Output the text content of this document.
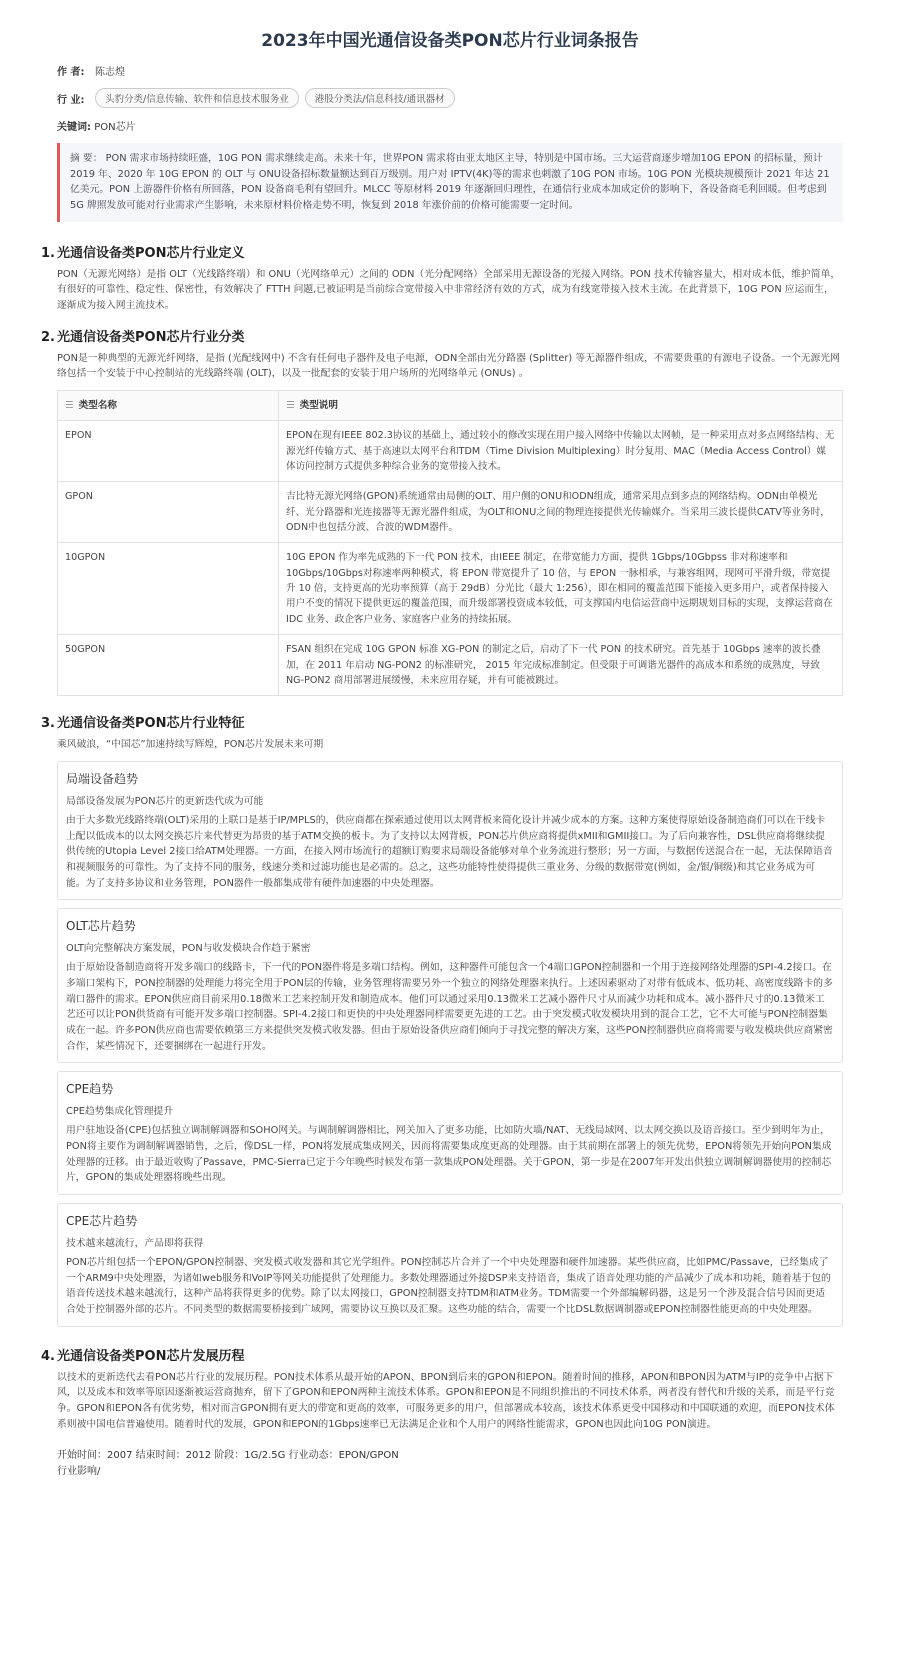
2023年中国光通信设备类PON芯片行业词条报告
作 者:	陈志煌
行 业:	头豹分类/信息传输、软件和信息技术服务业	港股分类法/信息科技/通讯器材
关键词: PON芯片
摘 要： PON 需求市场持续旺盛，10G PON 需求继续走高。未来十年，世界PON 需求将由亚太地区主导，特别是中国市场。三大运营商逐步增加10G EPON 的招标量，预计 2019 年、2020 年 10G EPON 的 OLT 与 ONU设备招标数量额达到百万级别。用户对 IPTV(4K)等的需求也刺激了10G PON 市场。10G PON 光模块规模预计 2021 年达 21 亿美元。PON 上游器件价格有所回落，PON 设备商毛利有望回升。MLCC 等原材料 2019 年逐渐回归理性，在通信行业成本加成定价的影响下，各设备商毛利回暖。但考虑到 5G 牌照发放可能对行业需求产生影响，未来原材料价格走势不明，恢复到 2018 年涨价前的价格可能需要一定时间。
1. 光通信设备类PON芯片行业定义

PON（无源光网络）是指 OLT（光线路终端）和 ONU（光网络单元）之间的 ODN（光分配网络）全部采用无源设备的光接入网络。PON 技术传输容量大，相对成本低，维护简单，有很好的可靠性、稳定性、保密性，有效解决了 FTTH 问题,已被证明是当前综合宽带接入中非常经济有效的方式，成为有线宽带接入技术主流。在此背景下，10G PON 应运而生，逐渐成为接入网主流技术。

2. 光通信设备类PON芯片行业分类

PON是一种典型的无源光纤网络，是指 (光配线网中) 不含有任何电子器件及电子电源，ODN全部由光分路器 (Splitter) 等无源器件组成，不需要贵重的有源电子设备。一个无源光网络包括一个安装于中心控制站的光线路终端 (OLT)，以及一批配套的安装于用户场所的光网络单元 (ONUs) 。

☰ 类型名称	☰ 类型说明
EPON	EPON在现有IEEE 802.3协议的基础上，通过较小的修改实现在用户接入网络中传输以太网帧，是一种采用点对多点网络结构、无源光纤传输方式、基于高速以太网平台和TDM（Time Division Multiplexing）时分复用、MAC（Media Access Control）媒体访问控制方式提供多种综合业务的宽带接入技术。
GPON	吉比特无源光网络(GPON)系统通常由局侧的OLT、用户侧的ONU和ODN组成，通常采用点到多点的网络结构。ODN由单模光纤、光分路器和光连接器等无源光器件组成，为OLT和ONU之间的物理连接提供光传输媒介。当采用三波长提供CATV等业务时，ODN中也包括分波、合波的WDM器件。
10GPON	10G EPON 作为率先成熟的下一代 PON 技术，由IEEE 制定，在带宽能力方面，提供 1Gbps/10Gbpss 非对称速率和 10Gbps/10Gbps对称速率两种模式，将 EPON 带宽提升了 10 倍，与 EPON 一脉相承，与兼容组网，现网可平滑升级，带宽提升 10 倍，支持更高的光功率预算（高于 29dB）分光比（最大 1:256），即在相同的覆盖范围下能接入更多用户，或者保持接入用户不变的情况下提供更远的覆盖范围，而升级部署投资成本较低，可支撑国内电信运营商中远期规划目标的实现，支撑运营商在 IDC 业务、政企客户业务、家庭客户业务的持续拓展。
50GPON	FSAN 组织在完成 10G GPON 标准 XG-PON 的制定之后，启动了下一代 PON 的技术研究。首先基于 10Gbps 速率的波长叠加，在 2011 年启动 NG-PON2 的标准研究， 2015 年完成标准制定。但受限于可调谐光器件的高成本和系统的成熟度，导致 NG-PON2 商用部署进展缓慢，未来应用存疑，并有可能被跳过。
3. 光通信设备类PON芯片行业特征

乘风破浪，“中国芯”加速持续写辉煌，PON芯片发展未来可期

局端设备趋势
局部设备发展为PON芯片的更新迭代成为可能

由于大多数光线路终端(OLT)采用的上联口是基于IP/MPLS的，供应商都在探索通过使用以太网背板来简化设计并减少成本的方案。这种方案使得原始设备制造商们可以在干线卡上配以低成本的以太网交换芯片来代替更为昂贵的基于ATM交换的板卡。为了支持以太网背板，PON芯片供应商将提供xMII和GMII接口。为了后向兼容性，DSL供应商将继续提供传统的Utopia Level 2接口给ATM处理器。一方面，在接入网市场流行的超额订购要求局端设备能够对单个业务流进行整形；另一方面，与数据传送混合在一起，无法保障语音和视频服务的可靠性。为了支持不同的服务，线速分类和过滤功能也是必需的。总之，这些功能特性使得提供三重业务、分级的数据带宽(例如，金/银/铜级)和其它业务成为可能。为了支持多协议和业务管理，PON器件一般都集成带有硬件加速器的中央处理器。

OLT芯片趋势
OLT向完整解决方案发展，PON与收发模块合作趋于紧密

由于原始设备制造商将开发多端口的线路卡，下一代的PON器件将是多端口结构。例如，这种器件可能包含一个4端口GPON控制器和一个用于连接网络处理器的SPI-4.2接口。在多端口架构下，PON控制器的处理能力将完全用于PON层的传输，业务管理将需要另外一个独立的网络处理器来执行。上述因素驱动了对带有低成本、低功耗、高密度线路卡的多端口器件的需求。EPON供应商目前采用0.18微米工艺来控制开发和制造成本。他们可以通过采用0.13微米工艺减小器件尺寸从而减少功耗和成本。减小器件尺寸的0.13微米工艺还可以让PON供货商有可能开发多端口控制器。SPI-4.2接口和更快的中央处理器同样需要更先进的工艺。由于突发模式收发模块用到的混合工艺，它不大可能与PON控制器集成在一起。许多PON供应商也需要依赖第三方来提供突发模式收发器。但由于原始设备供应商们倾向于寻找完整的解决方案，这些PON控制器供应商将需要与收发模块供应商紧密合作，某些情况下，还要捆绑在一起进行开发。

CPE趋势
CPE趋势集成化管理提升

用户驻地设备(CPE)包括独立调制解调器和SOHO网关。与调制解调器相比，网关加入了更多功能，比如防火墙/NAT、无线局域网、以太网交换以及语音接口。至少到明年为止，PON将主要作为调制解调器销售，之后，像DSL一样，PON将发展成集成网关，因而将需要集成度更高的处理器。由于其前期在部署上的领先优势，EPON将领先开始向PON集成处理器的迁移。由于最近收购了Passave，PMC-Sierra已定于今年晚些时候发布第一款集成PON处理器。关于GPON，第一步是在2007年开发出供独立调制解调器使用的控制芯片，GPON的集成处理器将晚些出现。

CPE芯片趋势
技术越来越流行，产品即将获得

PON芯片组包括一个EPON/GPON控制器、突发模式收发器和其它光学组件。PON控制芯片合并了一个中央处理器和硬件加速器。某些供应商，比如PMC/Passave，已经集成了一个ARM9中央处理器，为诸如web服务和VoIP等网关功能提供了处理能力。多数处理器通过外接DSP来支持语音，集成了语音处理功能的产品减少了成本和功耗，随着基于包的语音传送技术越来越流行，这种产品将获得更多的优势。除了以太网接口，GPON控制器支持TDM和ATM业务。TDM需要一个外部编解码器，这是另一个涉及混合信号因而更适合处于控制器外部的芯片。不同类型的数据需要桥接到广域网，需要协议互换以及汇聚。这些功能的结合，需要一个比DSL数据调制器或EPON控制器性能更高的中央处理器。

4. 光通信设备类PON芯片发展历程

以技术的更新迭代去看PON芯片行业的发展历程。PON技术体系从最开始的APON、BPON到后来的GPON和EPON。随着时间的推移，APON和BPON因为ATM与IP的竞争中占据下风，以及成本和效率等原因逐渐被运营商抛弃，留下了GPON和EPON两种主流技术体系。GPON和EPON是不同组织推出的不同技术体系，两者没有替代和升级的关系，而是平行竞争。GPON和EPON各有优劣势，相对而言GPON拥有更大的带宽和更高的效率，可服务更多的用户，但部署成本较高，该技术体系更受中国移动和中国联通的欢迎，而EPON技术体系则被中国电信普遍使用。随着时代的发展，GPON和EPON的1Gbps速率已无法满足企业和个人用户的网络性能需求，GPON也因此向10G PON演进。

开始时间：2007 结束时间：2012 阶段：1G/2.5G 行业动态：EPON/GPON
行业影响/
